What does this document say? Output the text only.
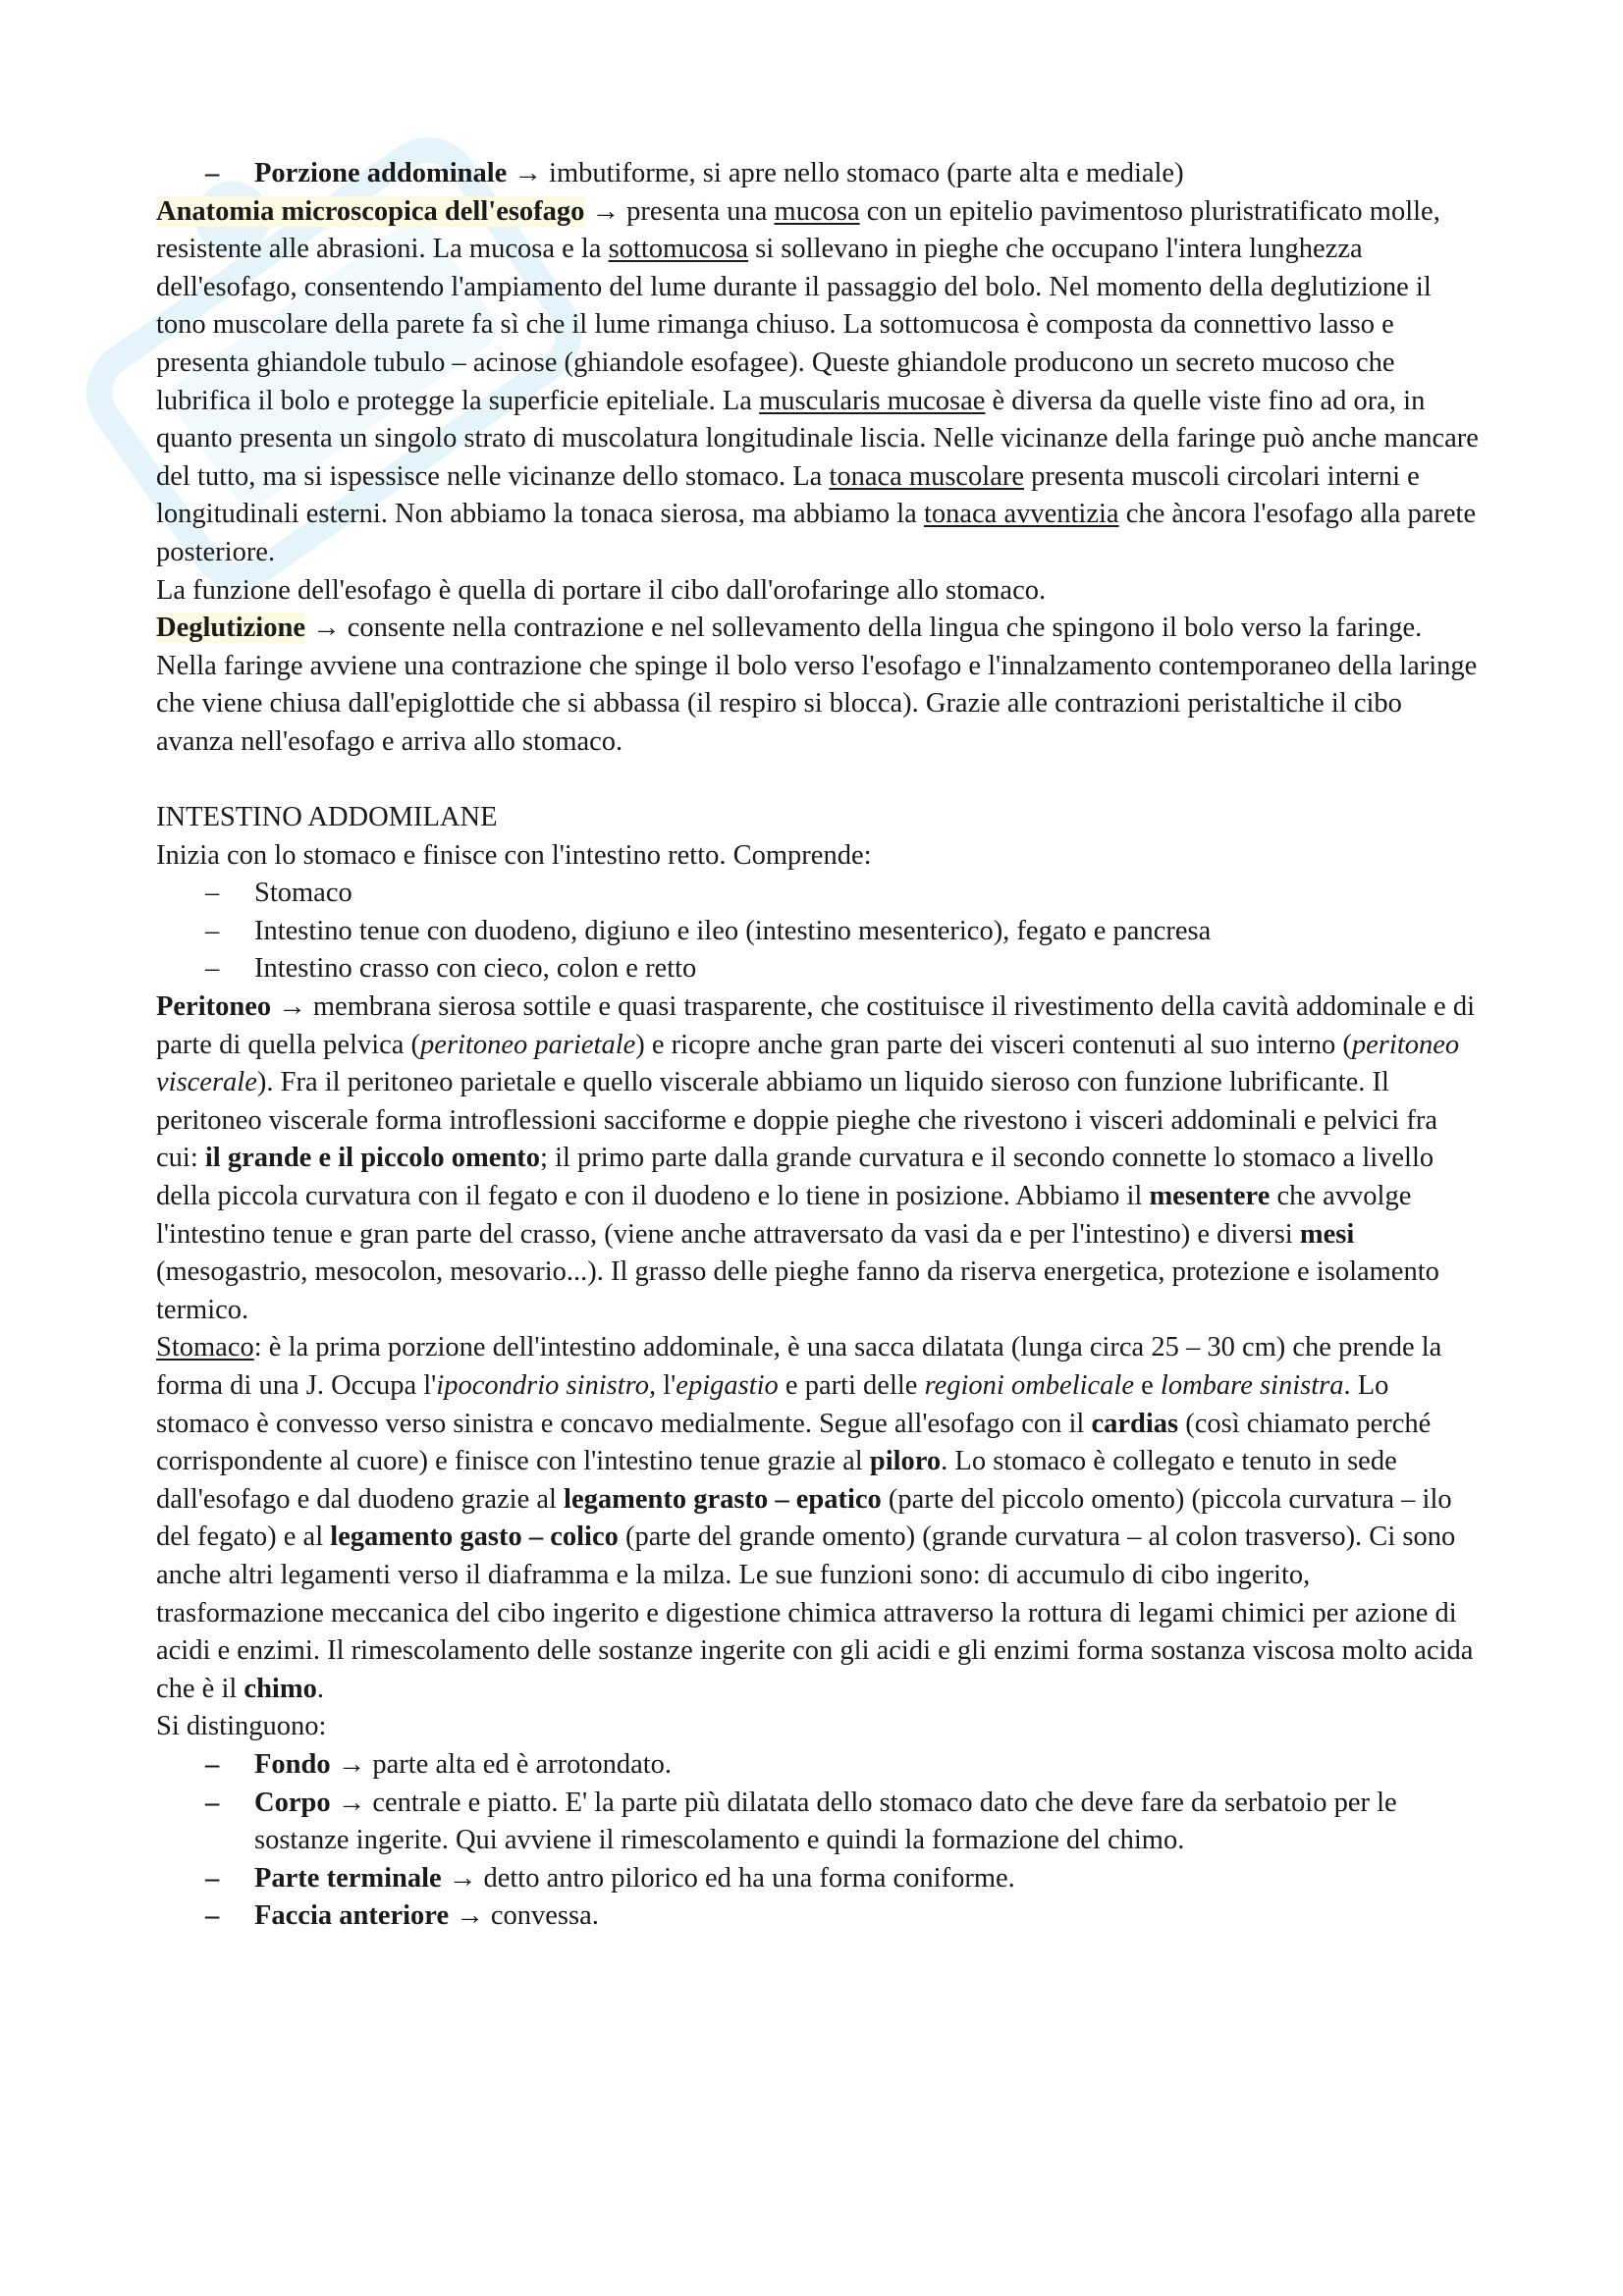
– Porzione addominale → imbutiforme, si apre nello stomaco (parte alta e mediale)

Anatomia microscopica dell'esofago → presenta una mucosa con un epitelio pavimentoso pluristratificato molle, resistente alle abrasioni. La mucosa e la sottomucosa si sollevano in pieghe che occupano l'intera lunghezza dell'esofago, consentendo l'ampiamento del lume durante il passaggio del bolo. Nel momento della deglutizione il tono muscolare della parete fa sì che il lume rimanga chiuso. La sottomucosa è composta da connettivo lasso e presenta ghiandole tubulo – acinose (ghiandole esofagee). Queste ghiandole producono un secreto mucoso che lubrifica il bolo e protegge la superficie epiteliale. La muscularis mucosae è diversa da quelle viste fino ad ora, in quanto presenta un singolo strato di muscolatura longitudinale liscia. Nelle vicinanze della faringe può anche mancare del tutto, ma si ispessisce nelle vicinanze dello stomaco. La tonaca muscolare presenta muscoli circolari interni e longitudinali esterni. Non abbiamo la tonaca sierosa, ma abbiamo la tonaca avventizia che àncora l'esofago alla parete posteriore.

La funzione dell'esofago è quella di portare il cibo dall'orofaringe allo stomaco.

Deglutizione → consente nella contrazione e nel sollevamento della lingua che spingono il bolo verso la faringe. Nella faringe avviene una contrazione che spinge il bolo verso l'esofago e l'innalzamento contemporaneo della laringe che viene chiusa dall'epiglottide che si abbassa (il respiro si blocca). Grazie alle contrazioni peristaltiche il cibo avanza nell'esofago e arriva allo stomaco.

INTESTINO ADDOMILANE

Inizia con lo stomaco e finisce con l'intestino retto. Comprende:

– Stomaco
– Intestino tenue con duodeno, digiuno e ileo (intestino mesenterico), fegato e pancresa
– Intestino crasso con cieco, colon e retto

Peritoneo → membrana sierosa sottile e quasi trasparente, che costituisce il rivestimento della cavità addominale e di parte di quella pelvica (peritoneo parietale) e ricopre anche gran parte dei visceri contenuti al suo interno (peritoneo viscerale). Fra il peritoneo parietale e quello viscerale abbiamo un liquido sieroso con funzione lubrificante. Il peritoneo viscerale forma introflessioni sacciforme e doppie pieghe che rivestono i visceri addominali e pelvici fra cui: il grande e il piccolo omento; il primo parte dalla grande curvatura e il secondo connette lo stomaco a livello della piccola curvatura con il fegato e con il duodeno e lo tiene in posizione. Abbiamo il mesentere che avvolge l'intestino tenue e gran parte del crasso, (viene anche attraversato da vasi da e per l'intestino) e diversi mesi (mesogastrio, mesocolon, mesovario...). Il grasso delle pieghe fanno da riserva energetica, protezione e isolamento termico.

Stomaco: è la prima porzione dell'intestino addominale, è una sacca dilatata (lunga circa 25 – 30 cm) che prende la forma di una J. Occupa l'ipocondrio sinistro, l'epigastio e parti delle regioni ombelicale e lombare sinistra. Lo stomaco è convesso verso sinistra e concavo medialmente. Segue all'esofago con il cardias (così chiamato perché corrispondente al cuore) e finisce con l'intestino tenue grazie al piloro. Lo stomaco è collegato e tenuto in sede dall'esofago e dal duodeno grazie al legamento grasto – epatico (parte del piccolo omento) (piccola curvatura – ilo del fegato) e al legamento gasto – colico (parte del grande omento) (grande curvatura – al colon trasverso). Ci sono anche altri legamenti verso il diaframma e la milza. Le sue funzioni sono: di accumulo di cibo ingerito, trasformazione meccanica del cibo ingerito e digestione chimica attraverso la rottura di legami chimici per azione di acidi e enzimi. Il rimescolamento delle sostanze ingerite con gli acidi e gli enzimi forma sostanza viscosa molto acida che è il chimo.

Si distinguono:

– Fondo → parte alta ed è arrotondato.
– Corpo → centrale e piatto. E' la parte più dilatata dello stomaco dato che deve fare da serbatoio per le sostanze ingerite. Qui avviene il rimescolamento e quindi la formazione del chimo.
– Parte terminale → detto antro pilorico ed ha una forma coniforme.
– Faccia anteriore → convessa.
